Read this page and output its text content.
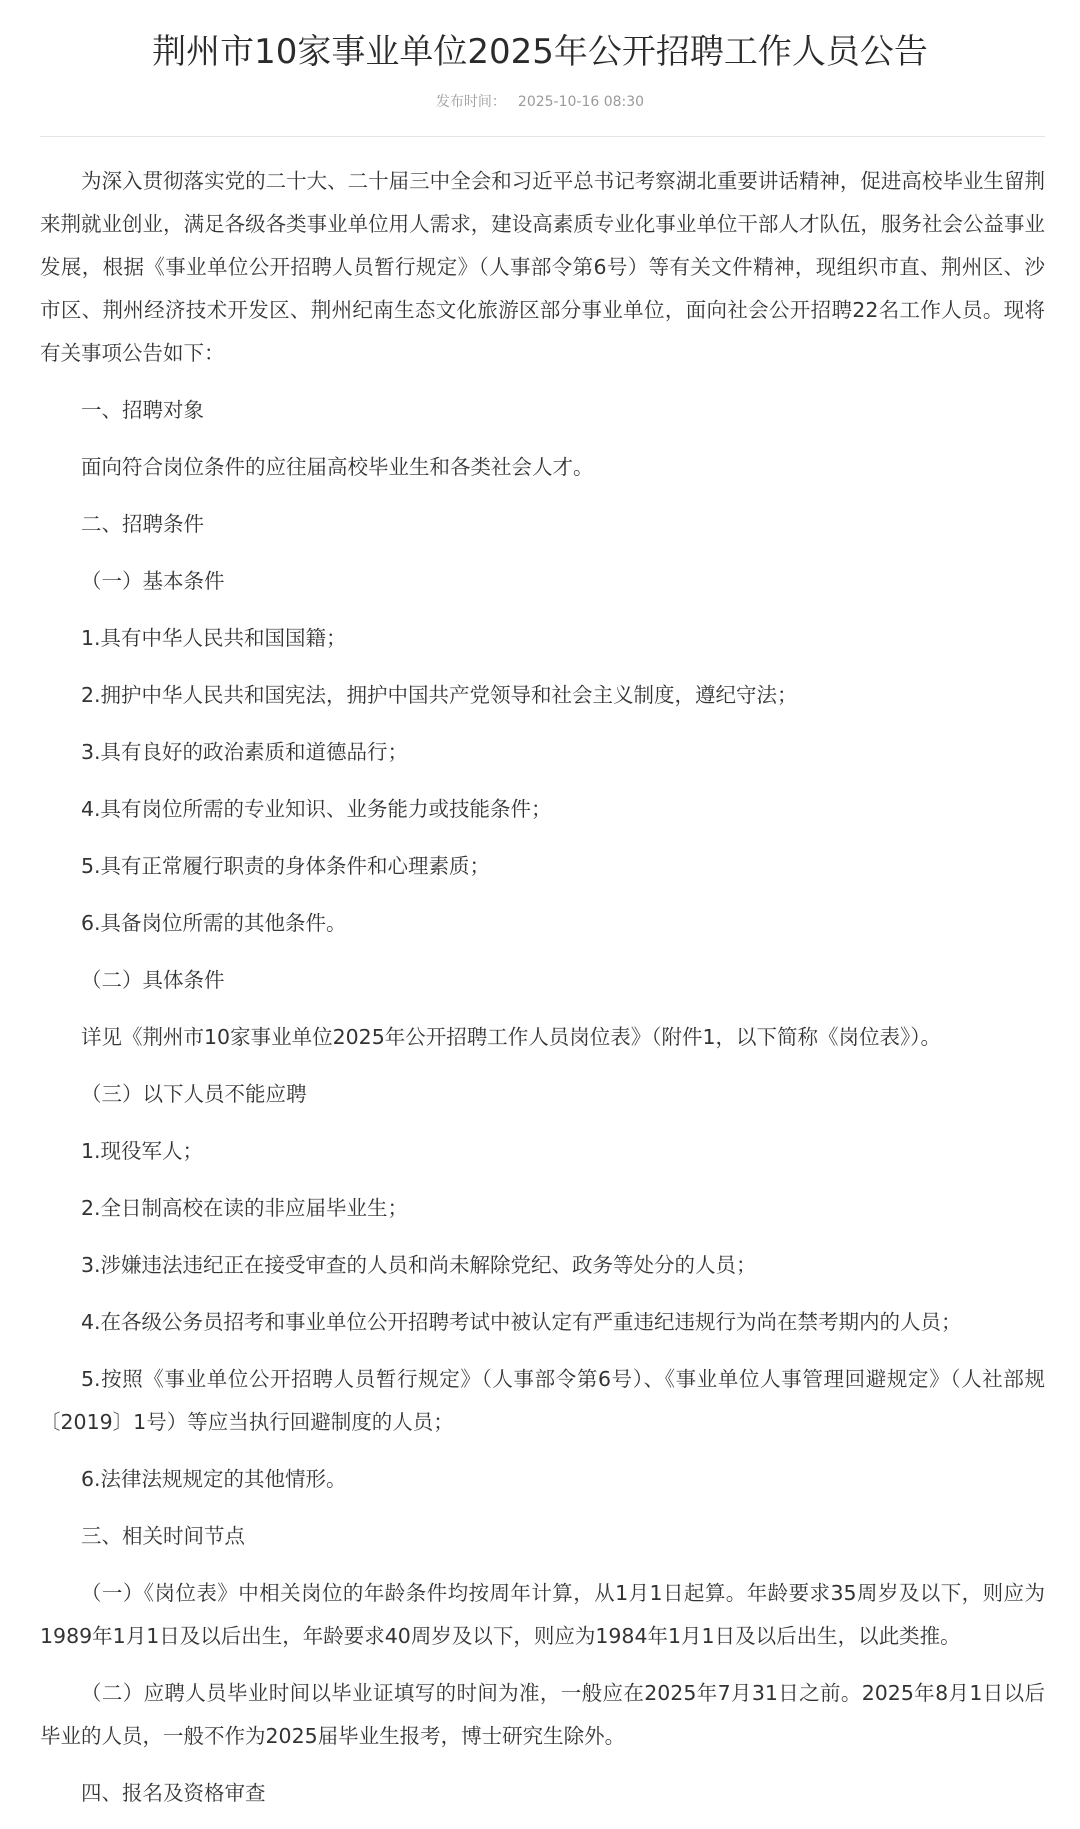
荆州市10家事业单位2025年公开招聘工作人员公告
发布时间： 2025-10-16 08:30

为深入贯彻落实党的二十大、二十届三中全会和习近平总书记考察湖北重要讲话精神，促进高校毕业生留荆来荆就业创业，满足各级各类事业单位用人需求，建设高素质专业化事业单位干部人才队伍，服务社会公益事业发展，根据《事业单位公开招聘人员暂行规定》（人事部令第6号）等有关文件精神，现组织市直、荆州区、沙市区、荆州经济技术开发区、荆州纪南生态文化旅游区部分事业单位，面向社会公开招聘22名工作人员。现将有关事项公告如下：

一、招聘对象

面向符合岗位条件的应往届高校毕业生和各类社会人才。

二、招聘条件

（一）基本条件

1.具有中华人民共和国国籍；

2.拥护中华人民共和国宪法，拥护中国共产党领导和社会主义制度，遵纪守法；

3.具有良好的政治素质和道德品行；

4.具有岗位所需的专业知识、业务能力或技能条件；

5.具有正常履行职责的身体条件和心理素质；

6.具备岗位所需的其他条件。

（二）具体条件

详见《荆州市10家事业单位2025年公开招聘工作人员岗位表》（附件1，以下简称《岗位表》）。

（三）以下人员不能应聘

1.现役军人；

2.全日制高校在读的非应届毕业生；

3.涉嫌违法违纪正在接受审查的人员和尚未解除党纪、政务等处分的人员；

4.在各级公务员招考和事业单位公开招聘考试中被认定有严重违纪违规行为尚在禁考期内的人员；

5.按照《事业单位公开招聘人员暂行规定》（人事部令第6号）、《事业单位人事管理回避规定》（人社部规〔2019〕1号）等应当执行回避制度的人员；

6.法律法规规定的其他情形。

三、相关时间节点

（一）《岗位表》中相关岗位的年龄条件均按周年计算，从1月1日起算。年龄要求35周岁及以下，则应为1989年1月1日及以后出生，年龄要求40周岁及以下，则应为1984年1月1日及以后出生，以此类推。

（二）应聘人员毕业时间以毕业证填写的时间为准，一般应在2025年7月31日之前。2025年8月1日以后毕业的人员，一般不作为2025届毕业生报考，博士研究生除外。

四、报名及资格审查
